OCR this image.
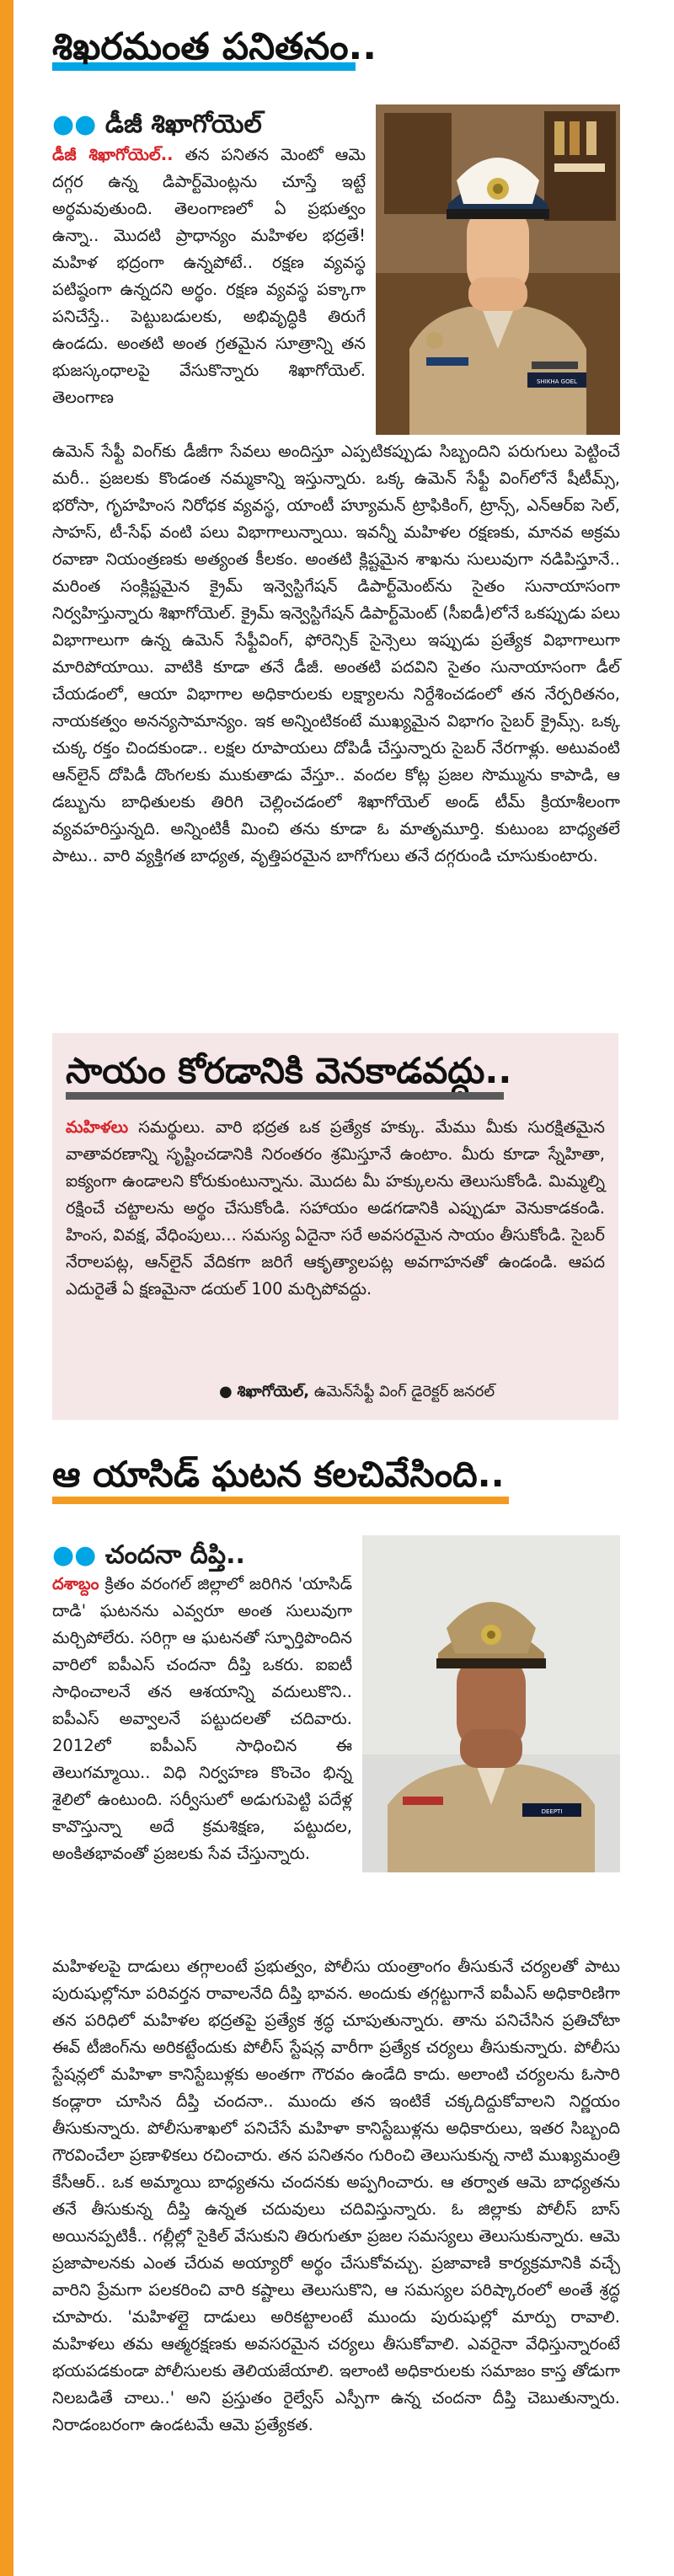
శిఖరమంత పనితనం..
●● డీజీ శిఖాగోయెల్
SHIKHA GOEL

డీజీ శిఖాగోయెల్.. తన పనితన మెంటో ఆమె దగ్గర ఉన్న డిపార్ట్‌మెంట్లను చూస్తే ఇట్టే అర్థమవుతుంది. తెలంగాణలో ఏ ప్రభుత్వం ఉన్నా.. మొదటి ప్రాధాన్యం మహిళల భద్రతే! మహిళ భద్రంగా ఉన్నపోటే.. రక్షణ వ్యవస్థ పటిష్ఠంగా ఉన్నదని అర్థం. రక్షణ వ్యవస్థ పక్కాగా పనిచేస్తే.. పెట్టుబడులకు, అభివృద్ధికి తిరుగే ఉండదు. అంతటి అంత గ్రతమైన సూత్రాన్ని తన భుజస్కంధాలపై వేసుకొన్నారు శిఖాగోయెల్. తెలంగాణ

ఉమెన్ సేఫ్టీ వింగ్‌కు డీజీగా సేవలు అందిస్తూ ఎప్పటికప్పుడు సిబ్బందిని పరుగులు పెట్టించే మరీ.. ప్రజలకు కొండంత నమ్మకాన్ని ఇస్తున్నారు. ఒక్క ఉమెన్ సేఫ్టీ వింగ్‌లోనే షీటీమ్స్, భరోసా, గృహహింస నిరోధక వ్యవస్థ, యాంటీ హ్యూమన్ ట్రాఫికింగ్, ట్రాన్స్, ఎన్‌ఆర్‌ఐ సెల్, సాహస్, టీ-సేఫ్ వంటి పలు విభాగాలున్నాయి. ఇవన్నీ మహిళల రక్షణకు, మానవ అక్రమ రవాణా నియంత్రణకు అత్యంత కీలకం. అంతటి క్లిష్టమైన శాఖను సులువుగా నడిపిస్తూనే.. మరింత సంక్లిష్టమైన క్రైమ్ ఇన్వెస్టిగేషన్ డిపార్ట్‌మెంట్‌ను సైతం సునాయాసంగా నిర్వహిస్తున్నారు శిఖాగోయెల్. క్రైమ్ ఇన్వెస్టిగేషన్ డిపార్ట్‌మెంట్ (సీఐడీ)లోనే ఒకప్పుడు పలు విభాగాలుగా ఉన్న ఉమెన్ సేఫ్టీవింగ్, ఫోరెన్సిక్ సైన్సెలు ఇప్పుడు ప్రత్యేక విభాగాలుగా మారిపోయాయి. వాటికి కూడా తనే డీజీ. అంతటి పదవిని సైతం సునాయాసంగా డీల్ చేయడంలో, ఆయా విభాగాల అధికారులకు లక్ష్యాలను నిర్దేశించడంలో తన నేర్పరితనం, నాయకత్వం అనన్యసామాన్యం. ఇక అన్నింటికంటే ముఖ్యమైన విభాగం సైబర్ క్రైమ్స్. ఒక్క చుక్క రక్తం చిందకుండా.. లక్షల రూపాయలు దోపిడీ చేస్తున్నారు సైబర్ నేరగాళ్లు. అటువంటి ఆన్‌లైన్ దోపిడీ దొంగలకు ముకుతాడు వేస్తూ.. వందల కోట్ల ప్రజల సొమ్మును కాపాడి, ఆ డబ్బును బాధితులకు తిరిగి చెల్లించడంలో శిఖాగోయెల్ అండ్ టీమ్ క్రియాశీలంగా వ్యవహరిస్తున్నది. అన్నింటికీ మించి తను కూడా ఓ మాతృమూర్తి. కుటుంబ బాధ్యతలే పాటు.. వారి వ్యక్తిగత బాధ్యత, వృత్తిపరమైన బాగోగులు తనే దగ్గరుండి చూసుకుంటారు.

సాయం కోరడానికి వెనకాడవద్దు..

మహిళలు సమర్థులు. వారి భద్రత ఒక ప్రత్యేక హక్కు. మేము మీకు సురక్షితమైన వాతావరణాన్ని సృష్టించడానికి నిరంతరం శ్రమిస్తూనే ఉంటాం. మీరు కూడా స్నేహితా, ఐక్యంగా ఉండాలని కోరుకుంటున్నాను. మొదట మీ హక్కులను తెలుసుకోండి. మిమ్మల్ని రక్షించే చట్టాలను అర్థం చేసుకోండి. సహాయం అడగడానికి ఎప్పుడూ వెనుకాడకండి. హింస, వివక్ష, వేధింపులు... సమస్య ఏదైనా సరే అవసరమైన సాయం తీసుకోండి. సైబర్ నేరాలపట్ల, ఆన్‌లైన్ వేదికగా జరిగే ఆకృత్యాలపట్ల అవగాహనతో ఉండండి. ఆపద ఎదురైతే ఏ క్షణమైనా డయల్ 100 మర్చిపోవద్దు.

● శిఖాగోయెల్, ఉమెన్‌సేఫ్టీ వింగ్ డైరెక్టర్ జనరల్
ఆ యాసిడ్ ఘటన కలచివేసింది..
●● చందనా దీప్తి..
DEEPTI

దశాబ్దం క్రితం వరంగల్ జిల్లాలో జరిగిన 'యాసిడ్ దాడి' ఘటనను ఎవ్వరూ అంత సులువుగా మర్చిపోలేరు. సరిగ్గా ఆ ఘటనతో స్ఫూర్తిపొందిన వారిలో ఐపీఎస్ చందనా దీప్తి ఒకరు. ఐఐటీ సాధించాలనే తన ఆశయాన్ని వదులుకొని.. ఐపీఎస్ అవ్వాలనే పట్టుదలతో చదివారు. 2012లో ఐపీఎస్ సాధించిన ఈ తెలుగమ్మాయి.. విధి నిర్వహణ కొంచెం భిన్న శైలిలో ఉంటుంది. సర్వీసులో అడుగుపెట్టి పదేళ్ల కావొస్తున్నా అదే క్రమశిక్షణ, పట్టుదల, అంకితభావంతో ప్రజలకు సేవ చేస్తున్నారు.

మహిళలపై దాడులు తగ్గాలంటే ప్రభుత్వం, పోలీసు యంత్రాంగం తీసుకునే చర్యలతో పాటు పురుషుల్లోనూ పరివర్తన రావాలనేది దీప్తి భావన. అందుకు తగ్గట్టుగానే ఐపీఎస్ అధికారిణిగా తన పరిధిలో మహిళల భద్రతపై ప్రత్యేక శ్రద్ధ చూపుతున్నారు. తాను పనిచేసిన ప్రతిచోటా ఈవ్ టీజింగ్‌ను అరికట్టేందుకు పోలీస్ స్టేషన్ల వారీగా ప్రత్యేక చర్యలు తీసుకున్నారు. పోలీసు స్టేషన్లలో మహిళా కానిస్టేబుళ్లకు అంతగా గౌరవం ఉండేది కాదు. అలాంటి చర్యలను ఓసారి కండ్లారా చూసిన దీప్తి చందనా.. ముందు తన ఇంటికే చక్కదిద్దుకోవాలని నిర్ణయం తీసుకున్నారు. పోలీసుశాఖలో పనిచేసే మహిళా కానిస్టేబుళ్లను అధికారులు, ఇతర సిబ్బంది గౌరవించేలా ప్రణాళికలు రచించారు. తన పనితనం గురించి తెలుసుకున్న నాటి ముఖ్యమంత్రి కేసీఆర్.. ఒక అమ్మాయి బాధ్యతను చందనకు అప్పగించారు. ఆ తర్వాత ఆమె బాధ్యతను తనే తీసుకున్న దీప్తి ఉన్నత చదువులు చదివిస్తున్నారు. ఓ జిల్లాకు పోలీస్ బాస్ అయినప్పటికీ.. గల్లీల్లో సైకిల్ వేసుకుని తిరుగుతూ ప్రజల సమస్యలు తెలుసుకున్నారు. ఆమె ప్రజాపాలనకు ఎంత చేరువ అయ్యారో అర్థం చేసుకోవచ్చు. ప్రజావాణి కార్యక్రమానికి వచ్చే వారిని ప్రేమగా పలకరించి వారి కష్టాలు తెలుసుకొని, ఆ సమస్యల పరిష్కారంలో అంతే శ్రద్ధ చూపారు. 'మహిళల్లై దాడులు అరికట్టాలంటే ముందు పురుషుల్లో మార్పు రావాలి. మహిళలు తమ ఆత్మరక్షణకు అవసరమైన చర్యలు తీసుకోవాలి. ఎవరైనా వేధిస్తున్నారంటే భయపడకుండా పోలీసులకు తెలియజేయాలి. ఇలాంటి అధికారులకు సమాజం కాస్త తోడుగా నిలబడితే చాలు..' అని ప్రస్తుతం రైల్వేస్ ఎస్పీగా ఉన్న చందనా దీప్తి చెబుతున్నారు. నిరాడంబరంగా ఉండటమే ఆమె ప్రత్యేకత.
